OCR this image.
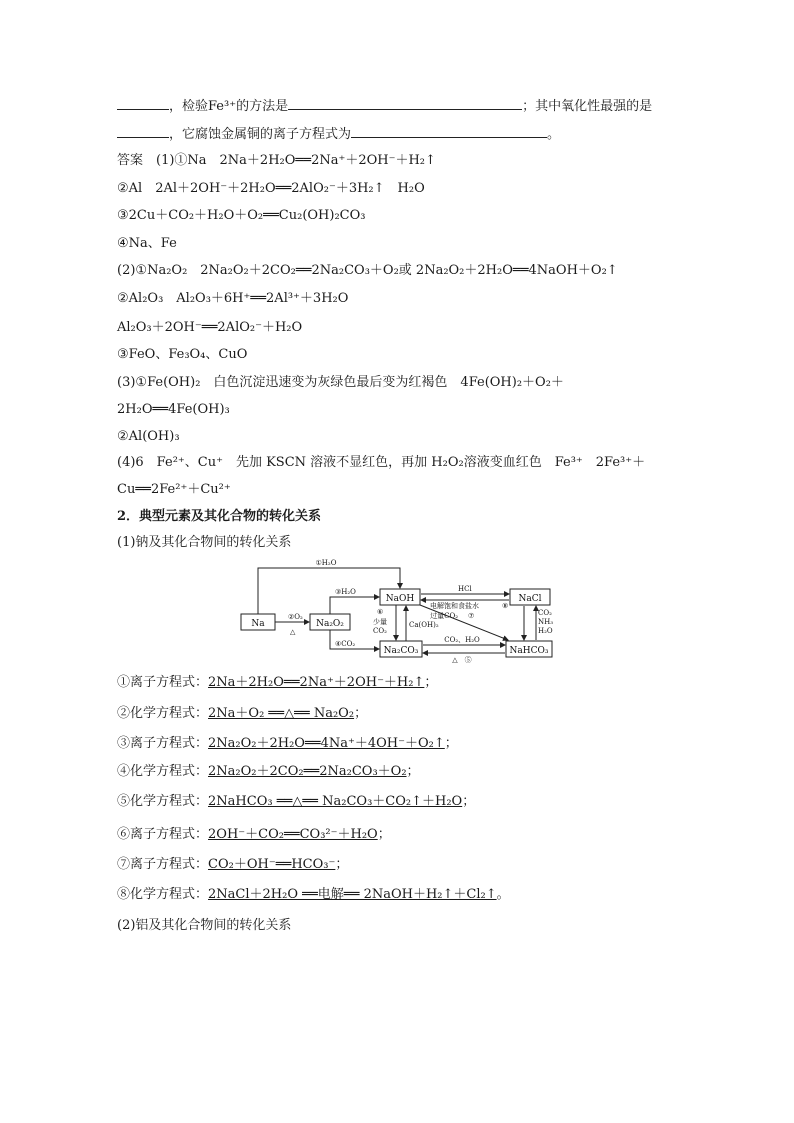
，检验Fe³⁺的方法是	；其中氧化性最强的是
，它腐蚀金属铜的离子方程式为	。
答案　(1)①Na　2Na＋2H₂O══2Na⁺＋2OH⁻＋H₂↑
②Al　2Al＋2OH⁻＋2H₂O══2AlO₂⁻＋3H₂↑　H₂O
③2Cu＋CO₂＋H₂O＋O₂══Cu₂(OH)₂CO₃
④Na、Fe
(2)①Na₂O₂　2Na₂O₂＋2CO₂══2Na₂CO₃＋O₂或 2Na₂O₂＋2H₂O══4NaOH＋O₂↑
②Al₂O₃　Al₂O₃＋6H⁺══2Al³⁺＋3H₂O
Al₂O₃＋2OH⁻══2AlO₂⁻＋H₂O
③FeO、Fe₃O₄、CuO
(3)①Fe(OH)₂　白色沉淀迅速变为灰绿色最后变为红褐色　4Fe(OH)₂＋O₂＋
2H₂O══4Fe(OH)₃
②Al(OH)₃
(4)6　Fe²⁺、Cu⁺　先加 KSCN 溶液不显红色，再加 H₂O₂溶液变血红色　Fe³⁺　2Fe³⁺＋
Cu══2Fe²⁺＋Cu²⁺
2．典型元素及其化合物的转化关系
(1)钠及其化合物间的转化关系
Na	Na₂O₂
NaOH	NaCl
Na₂CO₃	NaHCO₃
①H₂O
②O₂
△
③H₂O
④CO₂
⑥
少量
CO₂
Ca(OH)₂
HCl
电解饱和食盐水	⑧
⑦
过量CO₂
CO₂、H₂O
△　⑤
CO₂
NH₃
H₂O
①离子方程式：2Na＋2H₂O══2Na⁺＋2OH⁻＋H₂↑；
②化学方程式：2Na＋O₂ ══△══ Na₂O₂；
③离子方程式：2Na₂O₂＋2H₂O══4Na⁺＋4OH⁻＋O₂↑；
④化学方程式：2Na₂O₂＋2CO₂══2Na₂CO₃＋O₂；
⑤化学方程式：2NaHCO₃ ══△══ Na₂CO₃＋CO₂↑＋H₂O；
⑥离子方程式：2OH⁻＋CO₂══CO₃²⁻＋H₂O；
⑦离子方程式：CO₂＋OH⁻══HCO₃⁻；
⑧化学方程式：2NaCl＋2H₂O ══电解══ 2NaOH＋H₂↑＋Cl₂↑。
(2)铝及其化合物间的转化关系
